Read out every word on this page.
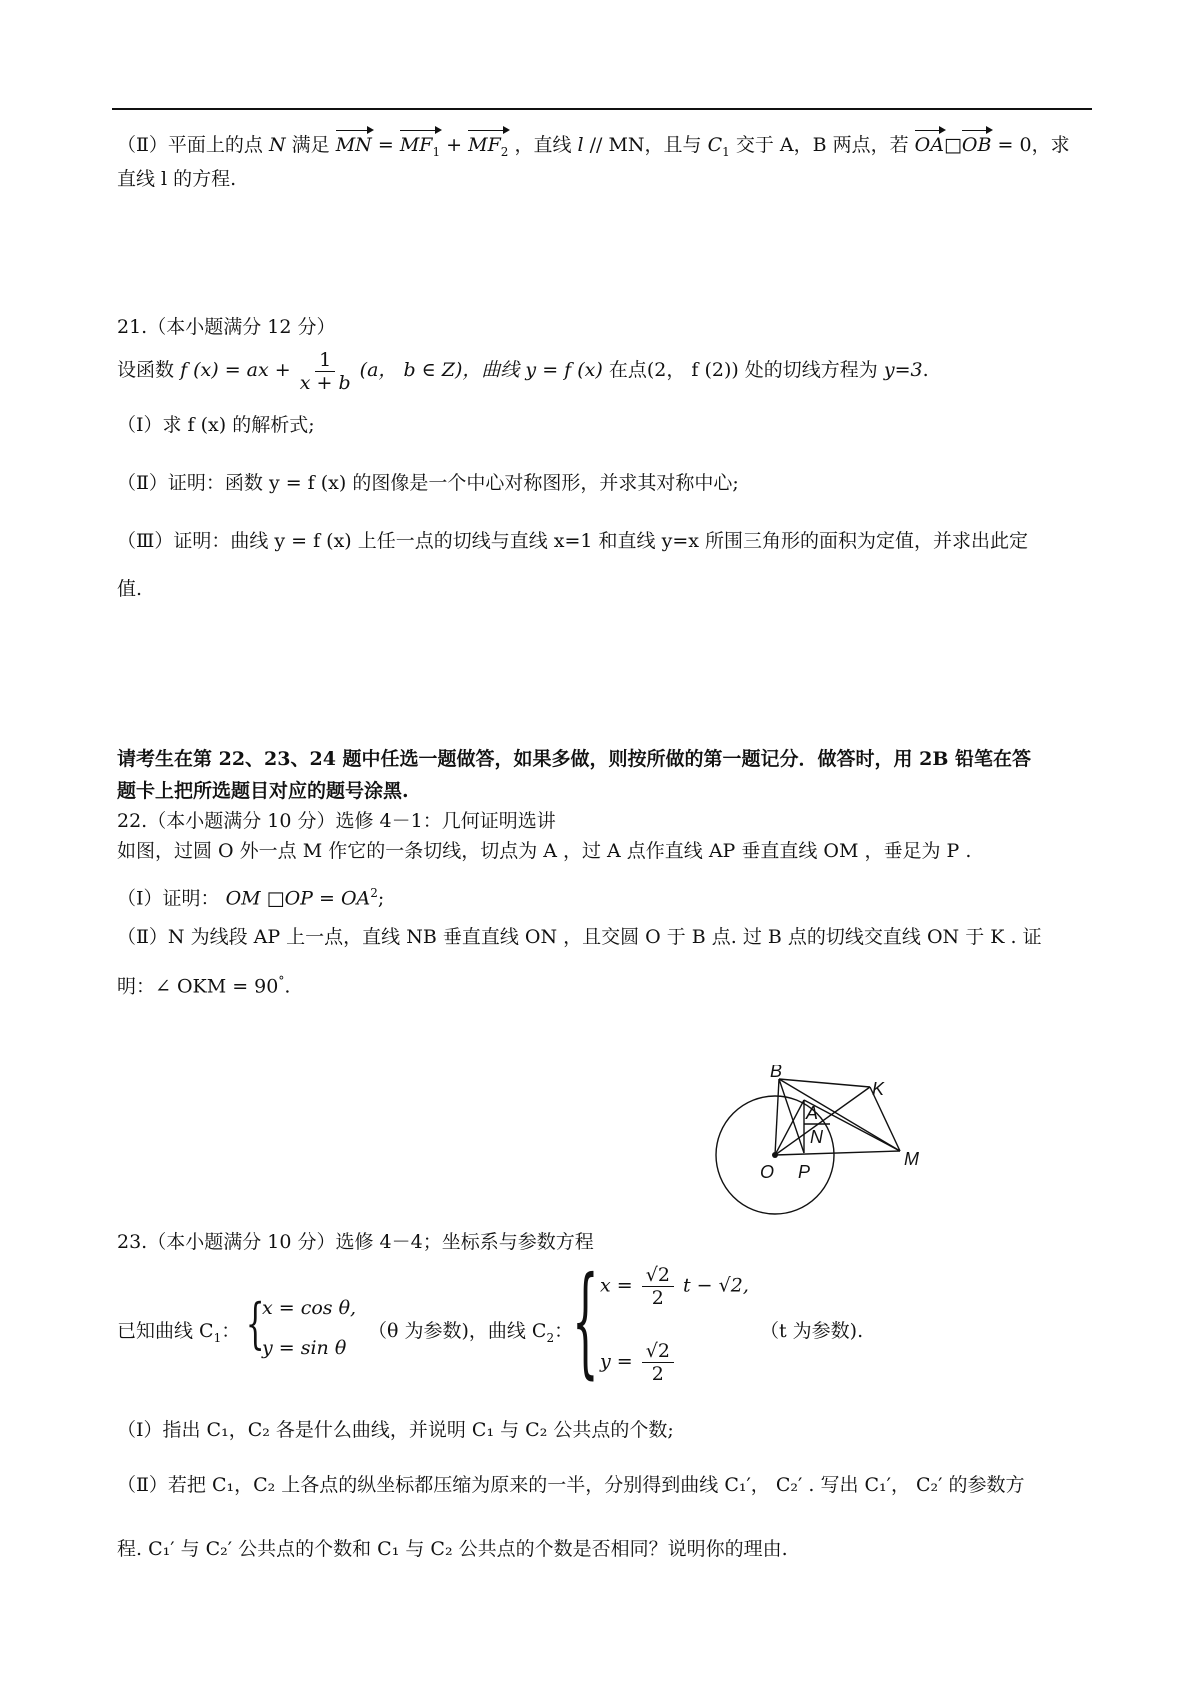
（Ⅱ）平面上的点 N 满足 MN = $MF_1 + MF_2$ ，直线 l // MN，且与 $C_1$ 交于 A，B 两点，若 OA□OB = 0，求
直线 l 的方程.
21.（本小题满分 12 分）
设函数 f (x) = ax + $\frac{1}{x + b} (a$， b ∈ Z)，曲线 y = f (x) 在点(2， f (2)) 处的切线方程为 y=3.
（Ⅰ）求 f (x) 的解析式;
（Ⅱ）证明：函数 y = f (x) 的图像是一个中心对称图形，并求其对称中心;
（Ⅲ）证明：曲线 y = f (x) 上任一点的切线与直线 x=1 和直线 y=x 所围三角形的面积为定值，并求出此定
值.
请考生在第 22、23、24 题中任选一题做答，如果多做，则按所做的第一题记分．做答时，用 2B 铅笔在答
题卡上把所选题目对应的题号涂黑.
22.（本小题满分 10 分）选修 4－1：几何证明选讲
如图，过圆 O 外一点 M 作它的一条切线，切点为 A ，过 A 点作直线 AP 垂直直线 OM ，垂足为 P .
（Ⅰ）证明： OM □OP = $OA^2$;
（Ⅱ）N 为线段 AP 上一点，直线 NB 垂直直线 ON ，且交圆 O 于 B 点. 过 B 点的切线交直线 ON 于 K . 证
明：∠ OKM = 90°.
B
K
A
N
O P
M
23.（本小题满分 10 分）选修 4－4；坐标系与参数方程
已知曲线 $C_1$： {
x = cos θ,
y = sin θ
（θ 为参数)，曲线 $C_2$：
{ $x = \frac{√2}{2}$ t − √2,
$y = \frac{√2}{2}$
（t 为参数).
（Ⅰ）指出 C₁，C₂ 各是什么曲线，并说明 C₁ 与 C₂ 公共点的个数;
（Ⅱ）若把 C₁，C₂ 上各点的纵坐标都压缩为原来的一半，分别得到曲线 C₁′， C₂′ . 写出 C₁′， C₂′ 的参数方
程. C₁′ 与 C₂′ 公共点的个数和 C₁ 与 C₂ 公共点的个数是否相同？说明你的理由.
